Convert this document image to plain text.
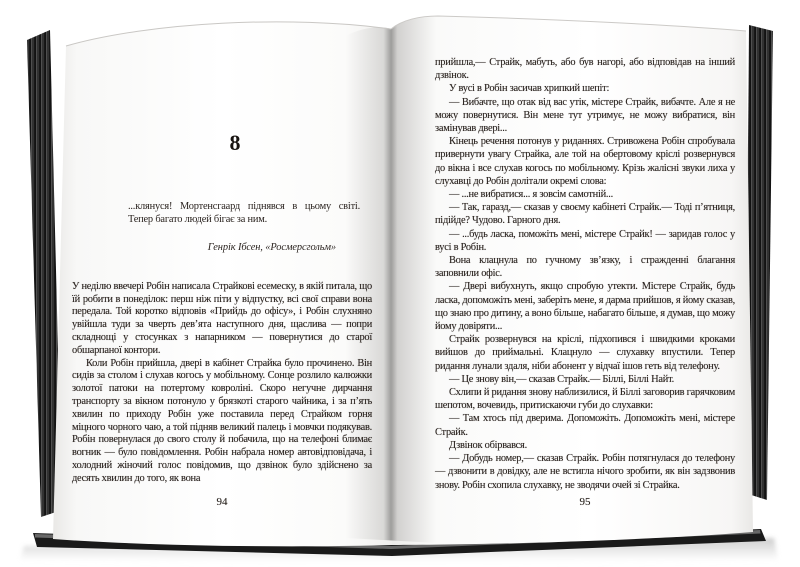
8
...клянуся! Мортенсгаард піднявся в цьому світі. Тепер багато людей бігає за ним.
Генрік Ібсен, «Росмерсгольм»

У неділю ввечері Робін написала Страйкові есемеску, в якій питала, що їй робити в понеділок: перш ніж піти у відпустку, всі свої справи вона передала. Той коротко відповів «Прийдь до офісу», і Робін слухняно увійшла туди за чверть дев’ята наступного дня, щаслива — попри складнощі у стосунках з напарником — повернутися до старої обшарпаної контори.

Коли Робін прийшла, двері в кабінет Страйка було прочинено. Він сидів за столом і слухав когось у мобільному. Сонце розлило калюжки золотої патоки на потертому ковроліні. Скоро негучне дирчання транспорту за вікном потонуло у брязкоті старого чайника, і за п’ять хвилин по приходу Робін уже поставила перед Страйком горня міцного чорного чаю, а той підняв великий палець і мовчки подякував. Робін повернулася до свого столу й побачила, що на телефоні блимає вогник — було повідомлення. Робін набрала номер автовідповідача, і холодний жіночий голос повідомив, що дзвінок було здійснено за десять хвилин до того, як вона

94

прийшла,— Страйк, мабуть, або був нагорі, або відповідав на інший дзвінок.

У вусі в Робін засичав хрипкий шепіт:

— Вибачте, що отак від вас утік, містере Страйк, вибачте. Але я не можу повернутися. Він мене тут утримує, не можу вибратися, він замінував двері...

Кінець речення потонув у риданнях. Стривожена Робін спробувала привернути увагу Страйка, але той на обертовому кріслі розвернувся до вікна і все слухав когось по мобільному. Крізь жалісні звуки лиха у слухавці до Робін долітали окремі слова:

— ...не вибратися... я зовсім самотній...

— Так, гаразд,— сказав у своєму кабінеті Страйк.— Тоді п’ятниця, підійде? Чудово. Гарного дня.

— ...будь ласка, поможіть мені, містере Страйк! — заридав голос у вусі в Робін.

Вона клацнула по гучному зв’язку, і стражденні благання заповнили офіс.

— Двері вибухнуть, якщо спробую утекти. Містере Страйк, будь ласка, допоможіть мені, заберіть мене, я дарма прийшов, я йому сказав, що знаю про дитину, а воно більше, набагато більше, я думав, що можу йому довіряти...

Страйк розвернувся на кріслі, підхопився і швидкими кроками вийшов до приймальні. Клацнуло — слухавку впустили. Тепер ридання лунали здаля, ніби абонент у відчаї ішов геть від телефону.

— Це знову він,— сказав Страйк.— Біллі, Біллі Найт.

Схлипи й ридання знову наблизилися, й Біллі заговорив гарячковим шепотом, вочевидь, притискаючи губи до слухавки:

— Там хтось під дверима. Допоможіть. Допоможіть мені, містере Страйк.

Дзвінок обірвався.

— Добудь номер,— сказав Страйк. Робін потягнулася до телефону — дзвонити в довідку, але не встигла нічого зробити, як він задзвонив знову. Робін схопила слухавку, не зводячи очей зі Страйка.

95
